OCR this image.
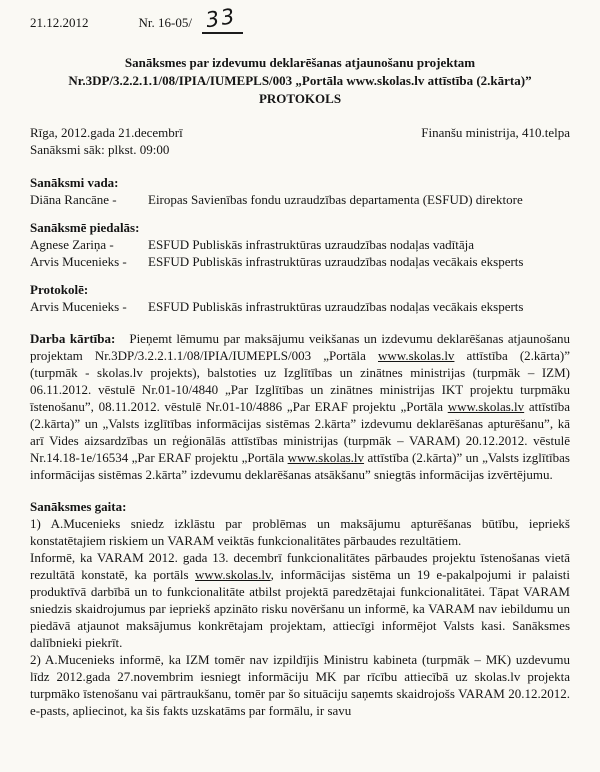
21.12.2012	Nr. 16-05/ 33
Sanāksmes par izdevumu deklarēšanas atjaunošanu projektam
Nr.3DP/3.2.2.1.1/08/IPIA/IUMEPLS/003 „Portāla www.skolas.lv attīstība (2.kārta)”
PROTOKOLS
Rīga, 2012.gada 21.decembrī	Finanšu ministrija, 410.telpa
Sanāksmi sāk: plkst. 09:00
Sanāksmi vada:
Diāna Rancāne -	Eiropas Savienības fondu uzraudzības departamenta (ESFUD) direktore
Sanāksmē piedalās:
Agnese Zariņa -	ESFUD Publiskās infrastruktūras uzraudzības nodaļas vadītāja
Arvis Mucenieks -	ESFUD Publiskās infrastruktūras uzraudzības nodaļas vecākais eksperts
Protokolē:
Arvis Mucenieks -	ESFUD Publiskās infrastruktūras uzraudzības nodaļas vecākais eksperts

Darba kārtība: Pieņemt lēmumu par maksājumu veikšanas un izdevumu deklarēšanas atjaunošanu projektam Nr.3DP/3.2.2.1.1/08/IPIA/IUMEPLS/003 „Portāla www.skolas.lv attīstība (2.kārta)” (turpmāk - skolas.lv projekts), balstoties uz Izglītības un zinātnes ministrijas (turpmāk – IZM) 06.11.2012. vēstulē Nr.01-10/4840 „Par Izglītības un zinātnes ministrijas IKT projektu turpmāku īstenošanu”, 08.11.2012. vēstulē Nr.01-10/4886 „Par ERAF projektu „Portāla www.skolas.lv attīstība (2.kārta)” un „Valsts izglītības informācijas sistēmas 2.kārta” izdevumu deklarēšanas apturēšanu”, kā arī Vides aizsardzības un reģionālās attīstības ministrijas (turpmāk – VARAM) 20.12.2012. vēstulē Nr.14.18-1e/16534 „Par ERAF projektu „Portāla www.skolas.lv attīstība (2.kārta)” un „Valsts izglītības informācijas sistēmas 2.kārta” izdevumu deklarēšanas atsākšanu” sniegtās informācijas izvērtējumu.

Sanāksmes gaita:

1) A.Mucenieks sniedz izklāstu par problēmas un maksājumu apturēšanas būtību, iepriekš konstatētajiem riskiem un VARAM veiktās funkcionalitātes pārbaudes rezultātiem.

Informē, ka VARAM 2012. gada 13. decembrī funkcionalitātes pārbaudes projektu īstenošanas vietā rezultātā konstatē, ka portāls www.skolas.lv, informācijas sistēma un 19 e-pakalpojumi ir palaisti produktīvā darbībā un to funkcionalitāte atbilst projektā paredzētajai funkcionalitātei. Tāpat VARAM sniedzis skaidrojumus par iepriekš apzināto risku novēršanu un informē, ka VARAM nav iebildumu un piedāvā atjaunot maksājumus konkrētajam projektam, attiecīgi informējot Valsts kasi. Sanāksmes dalībnieki piekrīt.

2) A.Mucenieks informē, ka IZM tomēr nav izpildījis Ministru kabineta (turpmāk – MK) uzdevumu līdz 2012.gada 27.novembrim iesniegt informāciju MK par rīcību attiecībā uz skolas.lv projekta turpmāko īstenošanu vai pārtraukšanu, tomēr par šo situāciju saņemts skaidrojošs VARAM 20.12.2012. e-pasts, apliecinot, ka šis fakts uzskatāms par formālu, ir savu
